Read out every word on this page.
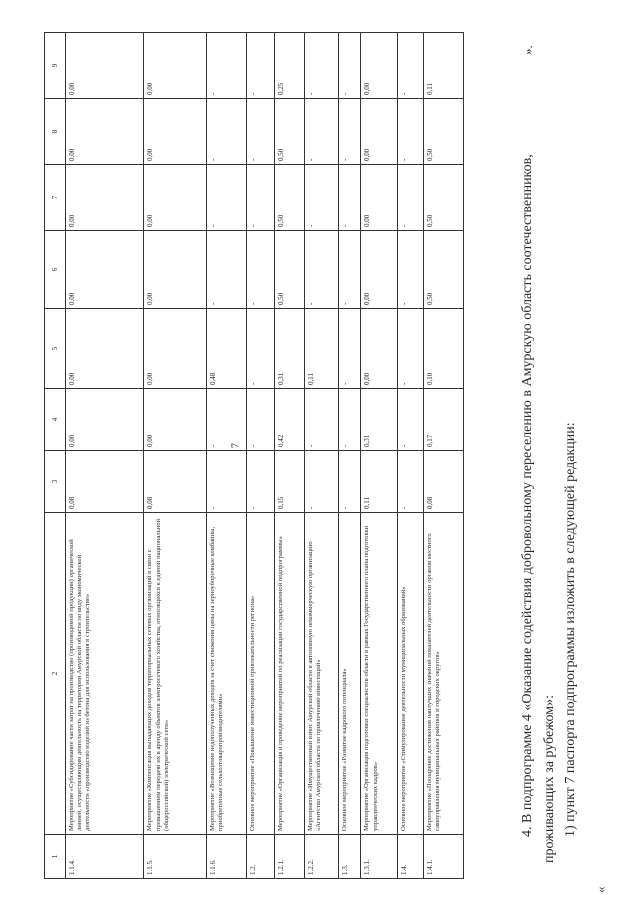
7
1	2	3	4	5	6	7	8	9
1.1.4.	Мероприятие «Субсидирование части затрат на производство (производимой продукции) органической линией, осуществляющим деятельность на территории Амурской области по виду экономической деятельности «производство изделий из бетона для использования в строительстве»	0,08	0,00	0,00	0,00	0,00	0,00	0,00
1.1.5.	Мероприятие «Компенсация выпадающих доходов территориальных сетевых организаций в связи с превышением передачи их в аренду объектов электросетевого хозяйства, относящихся к единой национальной (общероссийской) электрической сети»	0,08	0,00	0,00	0,00	0,00	0,00	0,00
1.1.6.	Мероприятие «Возмещение недополученных доходов за счет снижения цены на зерноуборочные комбайны, приобретенные сельхозтоваропроизводителями»	-	-	0,48	-	-	-	-
1.2.	Основное мероприятие «Повышение инвестиционной привлекательности региона»	-	-	-	-	-	-	-
1.2.1.	Мероприятие «Организация и проведение мероприятий по реализации государственной подпрограммы»	0,15	0,42	0,31	0,50	0,50	0,50	0,25
1.2.2.	Мероприятие «Имущественный взнос Амурской области в автономную некоммерческую организацию «Агентство Амурской области по привлечению инвестиций»	-	-	0,11	-	-	-	-
1.3.	Основное мероприятие «Развитие кадрового потенциала»	-	-	-	-	-	-	-
1.3.1.	Мероприятие «Организация подготовки специалистов области в рамках Государственного плана подготовки управленческих кадров»	0,11	0,31	0,00	0,00	0,00	0,00	0,00
1.4.	Основное мероприятие «Стимулирование деятельности муниципальных образований»	-	-	-	-	-	-	-
1.4.1.	Мероприятие «Поощрение достижения наилучших значений показателей деятельности органов местного самоуправления муниципальных районов и городских округов»	0,08	0,17	0,10	0,50	0,50	0,50	0,11
».
4. В подпрограмме 4 «Оказание содействия добровольному переселению в Амурскую область соотечественников, проживающих за рубежом»: 1) пункт 7 паспорта подпрограммы изложить в следующей редакции:
«
